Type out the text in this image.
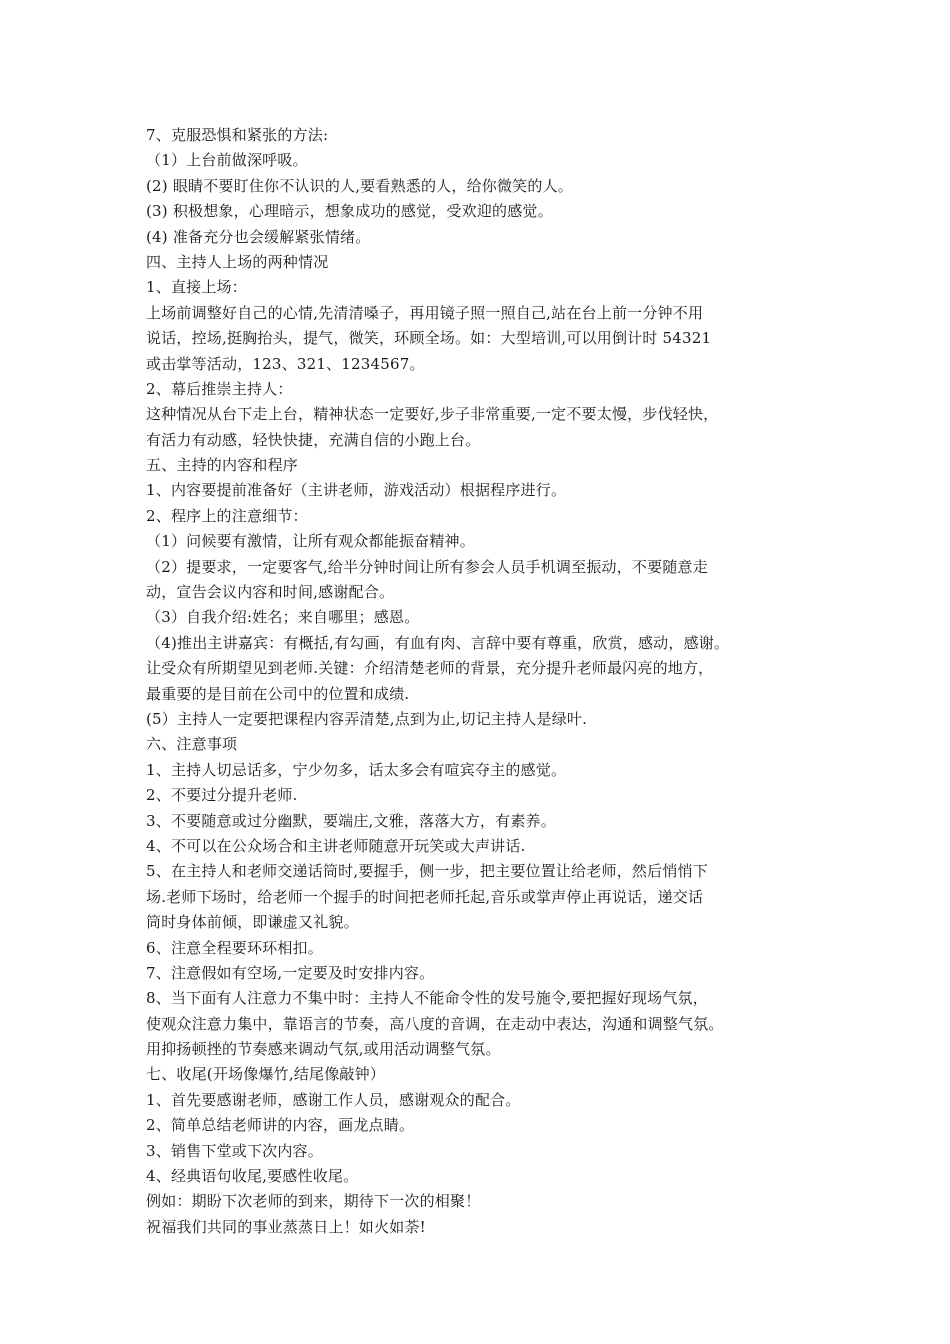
7、克服恐惧和紧张的方法:
（1）上台前做深呼吸。
(2) 眼睛不要盯住你不认识的人,要看熟悉的人，给你微笑的人。
(3) 积极想象，心理暗示，想象成功的感觉，受欢迎的感觉。
(4) 准备充分也会缓解紧张情绪。
四、主持人上场的两种情况
1、直接上场：
上场前调整好自己的心情,先清清嗓子，再用镜子照一照自己,站在台上前一分钟不用
说话，控场,挺胸抬头，提气，微笑，环顾全场。如：大型培训,可以用倒计时 54321
或击掌等活动，123、321、1234567。
2、幕后推崇主持人：
这种情况从台下走上台，精神状态一定要好,步子非常重要,一定不要太慢，步伐轻快，
有活力有动感，轻快快捷，充满自信的小跑上台。
五、主持的内容和程序
1、内容要提前准备好（主讲老师，游戏活动）根据程序进行。
2、程序上的注意细节：
（1）问候要有激情，让所有观众都能振奋精神。
（2）提要求，一定要客气,给半分钟时间让所有参会人员手机调至振动，不要随意走
动，宣告会议内容和时间,感谢配合。
（3）自我介绍:姓名；来自哪里；感恩。
（4)推出主讲嘉宾：有概括,有勾画，有血有肉、言辞中要有尊重，欣赏，感动，感谢。
让受众有所期望见到老师.关键：介绍清楚老师的背景，充分提升老师最闪亮的地方，
最重要的是目前在公司中的位置和成绩.
(5）主持人一定要把课程内容弄清楚,点到为止,切记主持人是绿叶.
六、注意事项
1、主持人切忌话多，宁少勿多，话太多会有喧宾夺主的感觉。
2、不要过分提升老师.
3、不要随意或过分幽默，要端庄,文雅，落落大方，有素养。
4、不可以在公众场合和主讲老师随意开玩笑或大声讲话.
5、在主持人和老师交递话筒时,要握手，侧一步，把主要位置让给老师，然后悄悄下
场.老师下场时，给老师一个握手的时间把老师托起,音乐或掌声停止再说话，递交话
筒时身体前倾，即谦虚又礼貌。
6、注意全程要环环相扣。
7、注意假如有空场,一定要及时安排内容。
8、当下面有人注意力不集中时：主持人不能命令性的发号施令,要把握好现场气氛，
使观众注意力集中，靠语言的节奏，高八度的音调，在走动中表达，沟通和调整气氛。
用抑扬顿挫的节奏感来调动气氛,或用活动调整气氛。
七、收尾(开场像爆竹,结尾像敲钟）
1、首先要感谢老师，感谢工作人员，感谢观众的配合。
2、简单总结老师讲的内容，画龙点睛。
3、销售下堂或下次内容。
4、经典语句收尾,要感性收尾。
例如：期盼下次老师的到来，期待下一次的相聚！
祝福我们共同的事业蒸蒸日上！如火如荼!
